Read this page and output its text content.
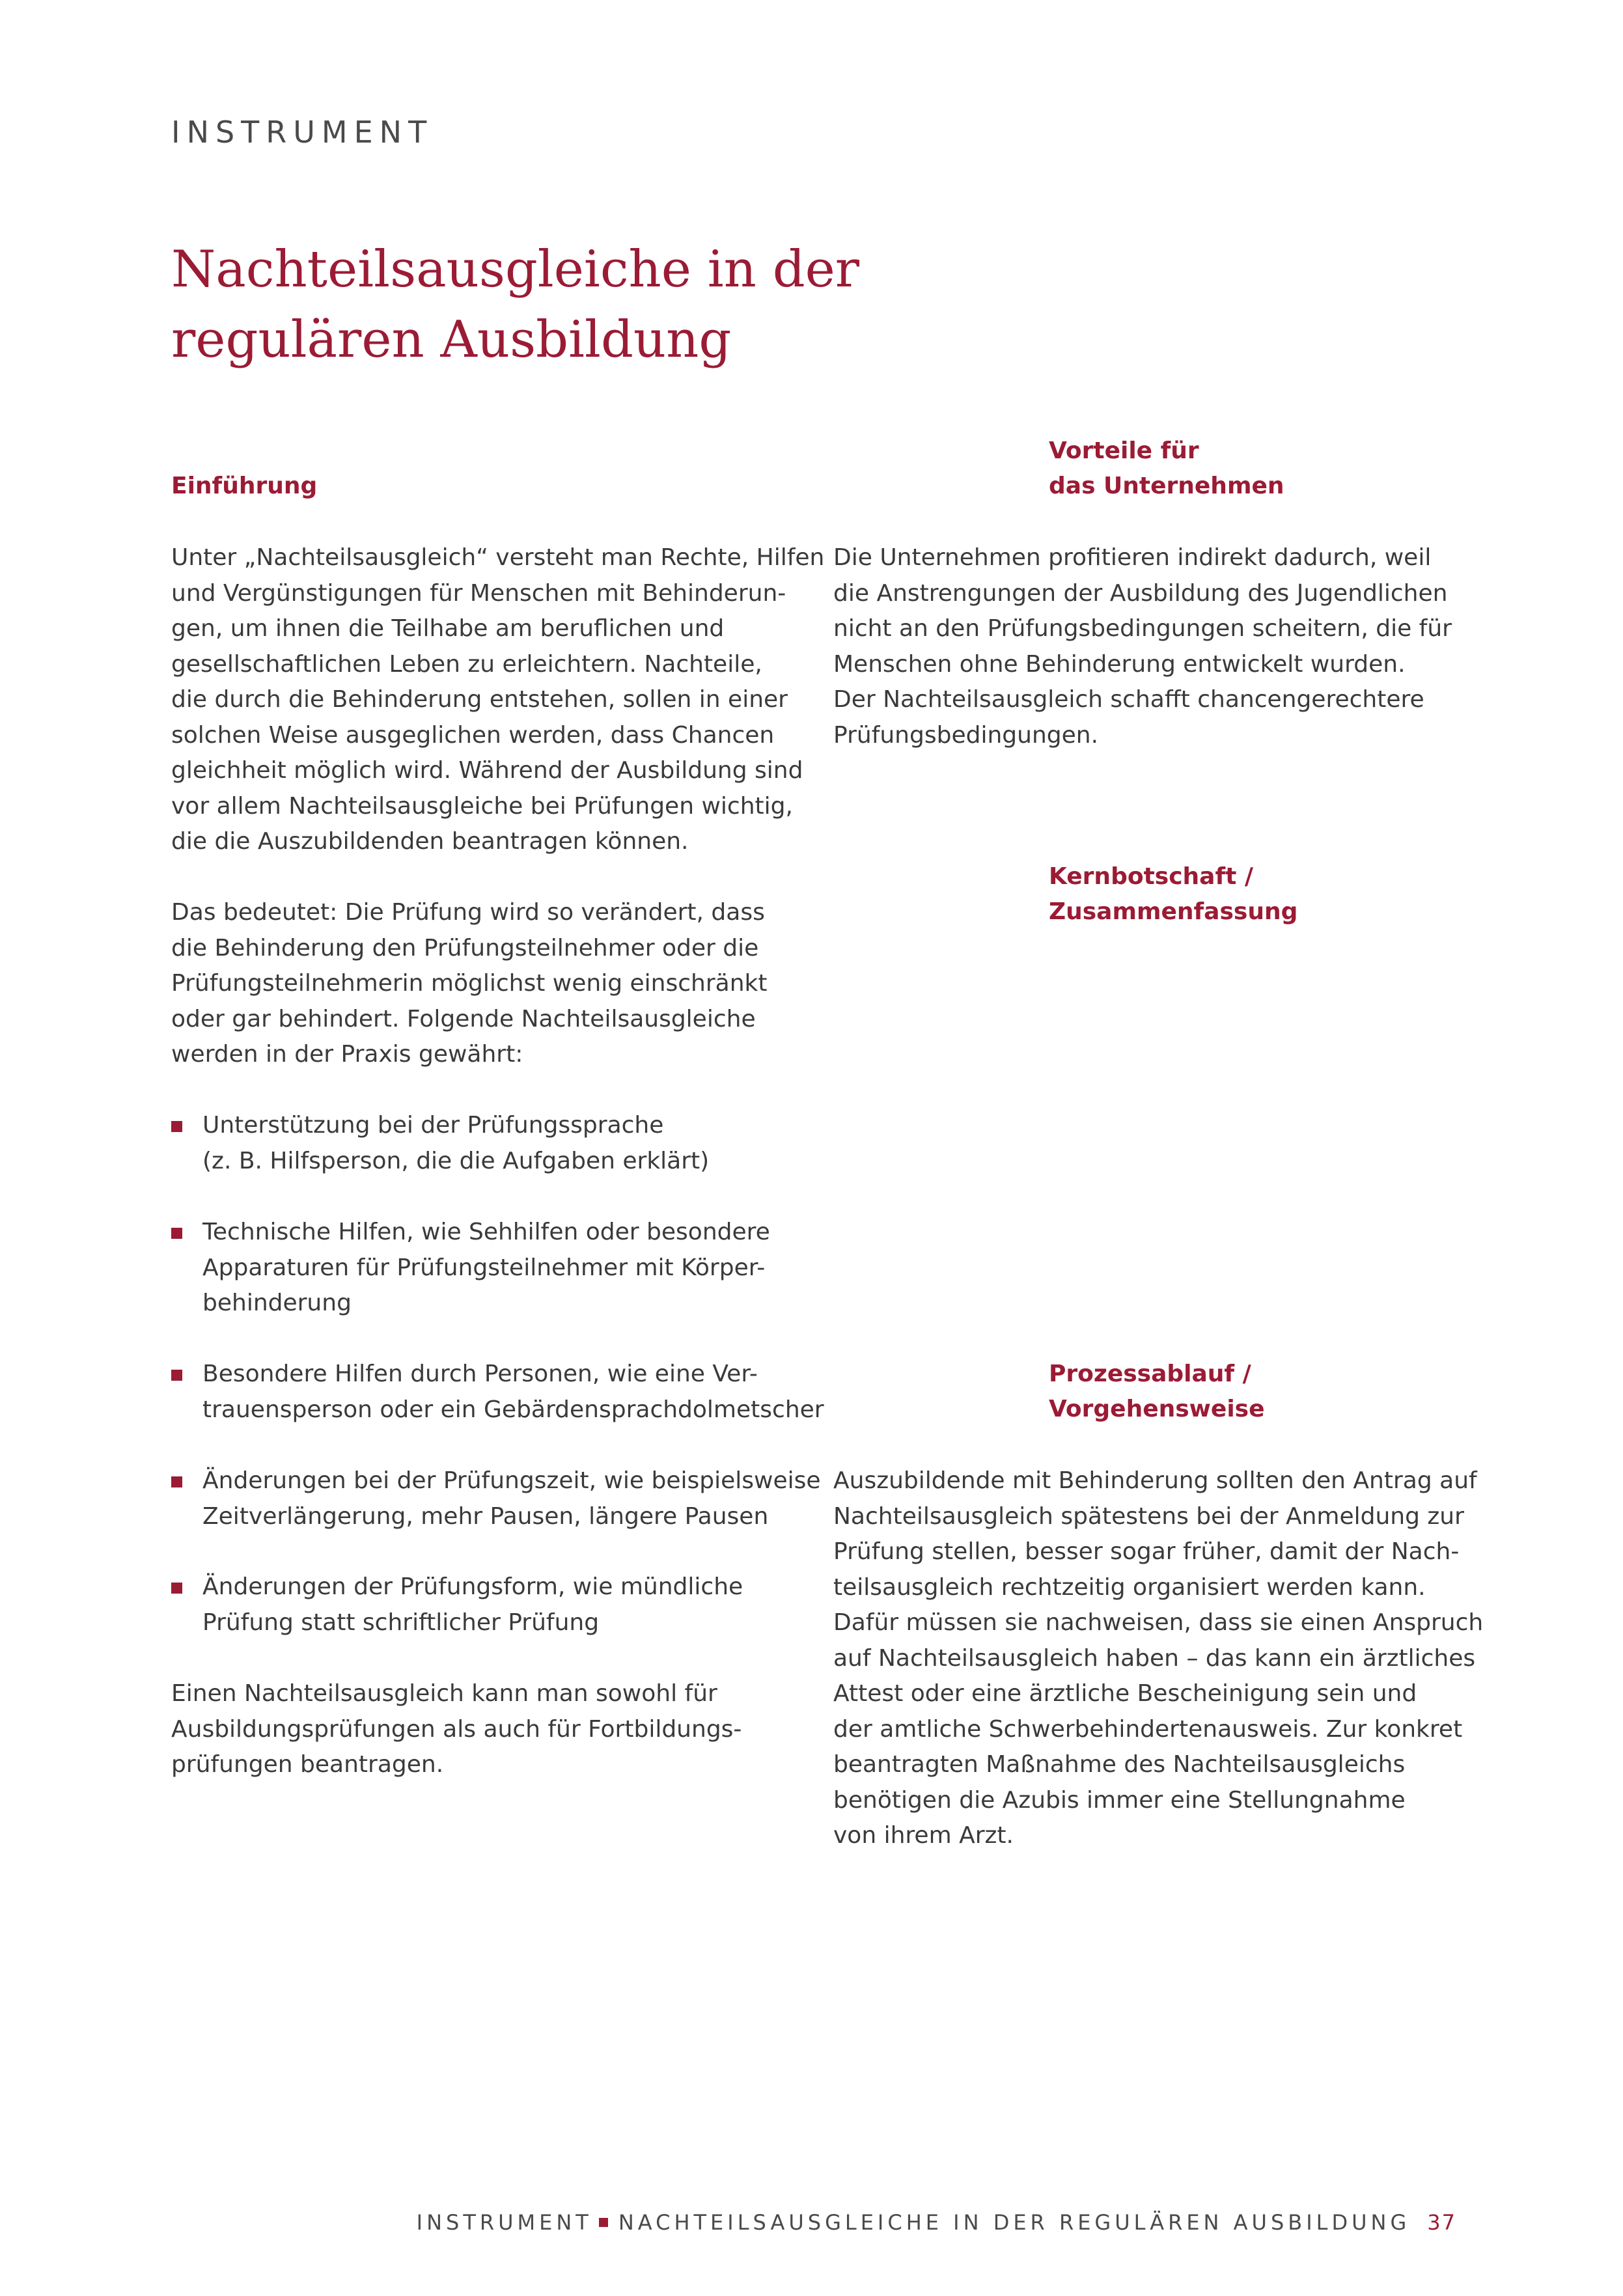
INSTRUMENT
Nachteilsausgleiche in der
regulären Ausbildung
Einführung

Unter „Nachteilsausgleich“ versteht man Rechte, Hilfen
und Vergünstigungen für Menschen mit Behinderun-
gen, um ihnen die Teilhabe am beruflichen und
gesellschaftlichen Leben zu erleichtern. Nachteile,
die durch die Behinderung entstehen, sollen in einer
solchen Weise ausgeglichen werden, dass Chancen
gleichheit möglich wird. Während der Ausbildung sind
vor allem Nachteilsausgleiche bei Prüfungen wichtig,
die die Auszubildenden beantragen können.

Das bedeutet: Die Prüfung wird so verändert, dass
die Behinderung den Prüfungsteilnehmer oder die
Prüfungsteilnehmerin möglichst wenig einschränkt
oder gar behindert. Folgende Nachteilsausgleiche
werden in der Praxis gewährt:

Unterstützung bei der Prüfungssprache
(z. B. Hilfsperson, die die Aufgaben erklärt)
Technische Hilfen, wie Sehhilfen oder besondere
Apparaturen für Prüfungsteilnehmer mit Körper-
behinderung
Besondere Hilfen durch Personen, wie eine Ver-
trauensperson oder ein Gebärdensprachdolmetscher
Änderungen bei der Prüfungszeit, wie beispielsweise
Zeitverlängerung, mehr Pausen, längere Pausen
Änderungen der Prüfungsform, wie mündliche
Prüfung statt schriftlicher Prüfung

Einen Nachteilsausgleich kann man sowohl für
Ausbildungsprüfungen als auch für Fortbildungs-
prüfungen beantragen.

Vorteile für
das Unternehmen

Die Unternehmen profitieren indirekt dadurch, weil
die Anstrengungen der Ausbildung des Jugendlichen
nicht an den Prüfungsbedingungen scheitern, die für
Menschen ohne Behinderung entwickelt wurden.
Der Nachteilsausgleich schafft chancengerechtere
Prüfungsbedingungen.

Kernbotschaft /
Zusammenfassung
Prozessablauf /
Vorgehensweise

Auszubildende mit Behinderung sollten den Antrag auf
Nachteilsausgleich spätestens bei der Anmeldung zur
Prüfung stellen, besser sogar früher, damit der Nach-
teilsausgleich rechtzeitig organisiert werden kann.
Dafür müssen sie nachweisen, dass sie einen Anspruch
auf Nachteilsausgleich haben – das kann ein ärztliches
Attest oder eine ärztliche Bescheinigung sein und
der amtliche Schwerbehindertenausweis. Zur konkret
beantragten Maßnahme des Nachteilsausgleichs
benötigen die Azubis immer eine Stellungnahme
von ihrem Arzt.

INSTRUMENT NACHTEILSAUSGLEICHE IN DER REGULÄREN AUSBILDUNG 37
